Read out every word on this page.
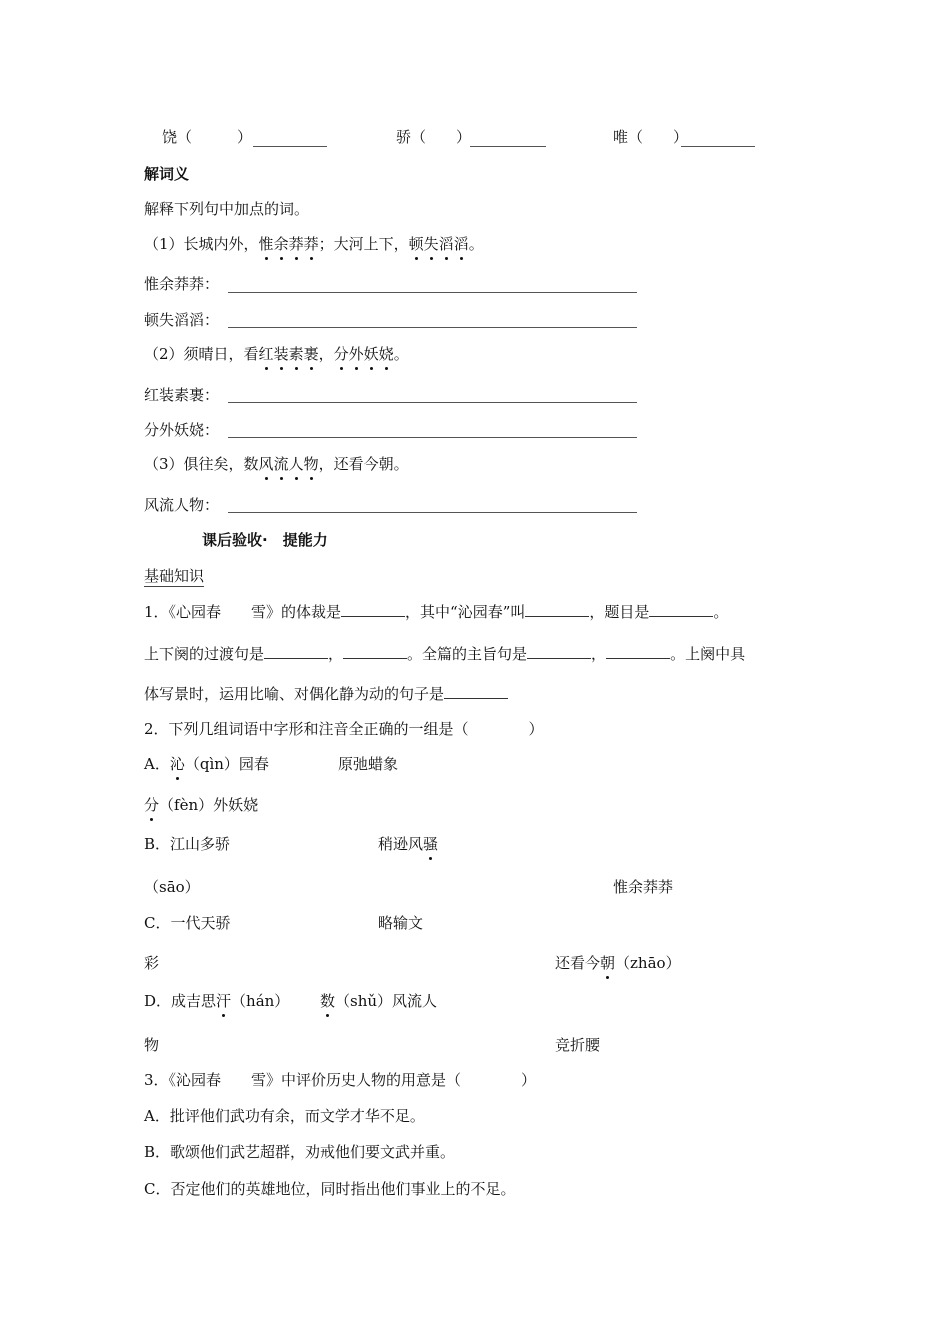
饶（　　　）	骄（　　）	唯（　　）
解词义
解释下列句中加点的词。
（1）长城内外，惟余莽莽；大河上下，顿失滔滔。
惟余莽莽：
顿失滔滔：
（2）须晴日，看红装素裹，分外妖娆。
红装素裹：
分外妖娆：
（3）俱往矣，数风流人物，还看今朝。
风流人物：
课后验收·　提能力
基础知识
1．《心园春　　雪》的体裁是	，其中“沁园春”叫	，题目是	。
上下阕的过渡句是	，	。全篇的主旨句是	，	。上阕中具
体写景时，运用比喻、对偶化静为动的句子是
2．下列几组词语中字形和注音全正确的一组是（　　　　）
A．沁（qìn）园春	原弛蜡象
分（fèn）外妖娆
B．江山多骄	稍逊风骚
（sāo）	惟余莽莽
C．一代天骄	略输文
彩	还看今朝（zhāo）
D．成吉思汗（hán） 数（shǔ）风流人
物	竞折腰
3．《沁园春　　雪》中评价历史人物的用意是（　　　　）
A．批评他们武功有余，而文学才华不足。
B．歌颂他们武艺超群，劝戒他们要文武并重。
C．否定他们的英雄地位，同时指出他们事业上的不足。
